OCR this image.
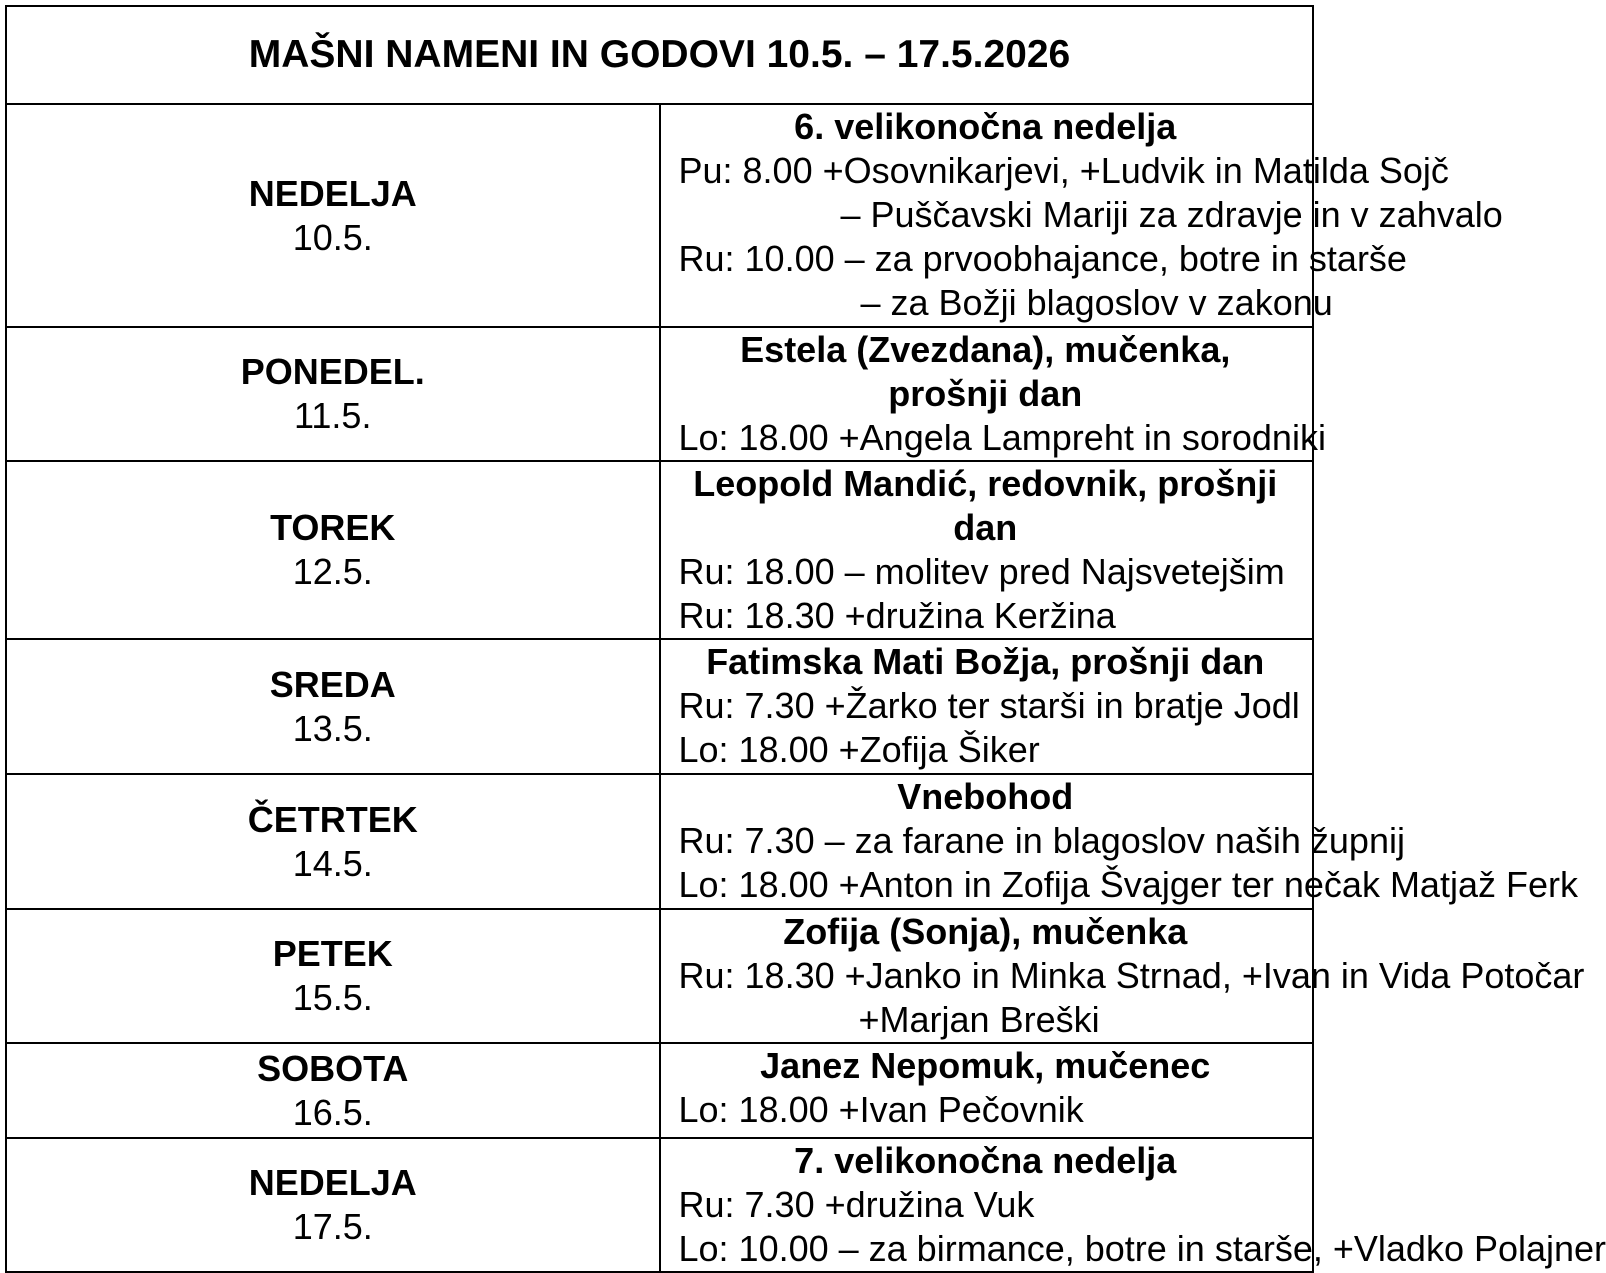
MAŠNI NAMENI IN GODOVI 10.5. – 17.5.2026	

NEDELJA
10.5.	6. velikonočna nedelja
Pu: 8.00 +Osovnikarjevi, +Ludvik in Matilda Sojč
– Puščavski Mariji za zdravje in v zahvalo
Ru: 10.00 – za prvoobhajance, botre in starše
– za Božji blagoslov v zakonu

PONEDEL.
11.5.	Estela (Zvezdana), mučenka, prošnji dan
Lo: 18.00 +Angela Lampreht in sorodniki

TOREK
12.5.	Leopold Mandić, redovnik, prošnji dan
Ru: 18.00 – molitev pred Najsvetejšim
Ru: 18.30 +družina Keržina

SREDA
13.5.	Fatimska Mati Božja, prošnji dan
Ru: 7.30 +Žarko ter starši in bratje Jodl
Lo: 18.00 +Zofija Šiker

ČETRTEK
14.5.	Vnebohod
Ru: 7.30 – za farane in blagoslov naših župnij
Lo: 18.00 +Anton in Zofija Švajger ter nečak Matjaž Ferk

PETEK
15.5.	Zofija (Sonja), mučenka
Ru: 18.30 +Janko in Minka Strnad, +Ivan in Vida Potočar
+Marjan Breški

SOBOTA
16.5.	Janez Nepomuk, mučenec
Lo: 18.00 +Ivan Pečovnik

NEDELJA
17.5.	7. velikonočna nedelja
Ru: 7.30 +družina Vuk
Lo: 10.00 – za birmance, botre in starše, +Vladko Polajner
